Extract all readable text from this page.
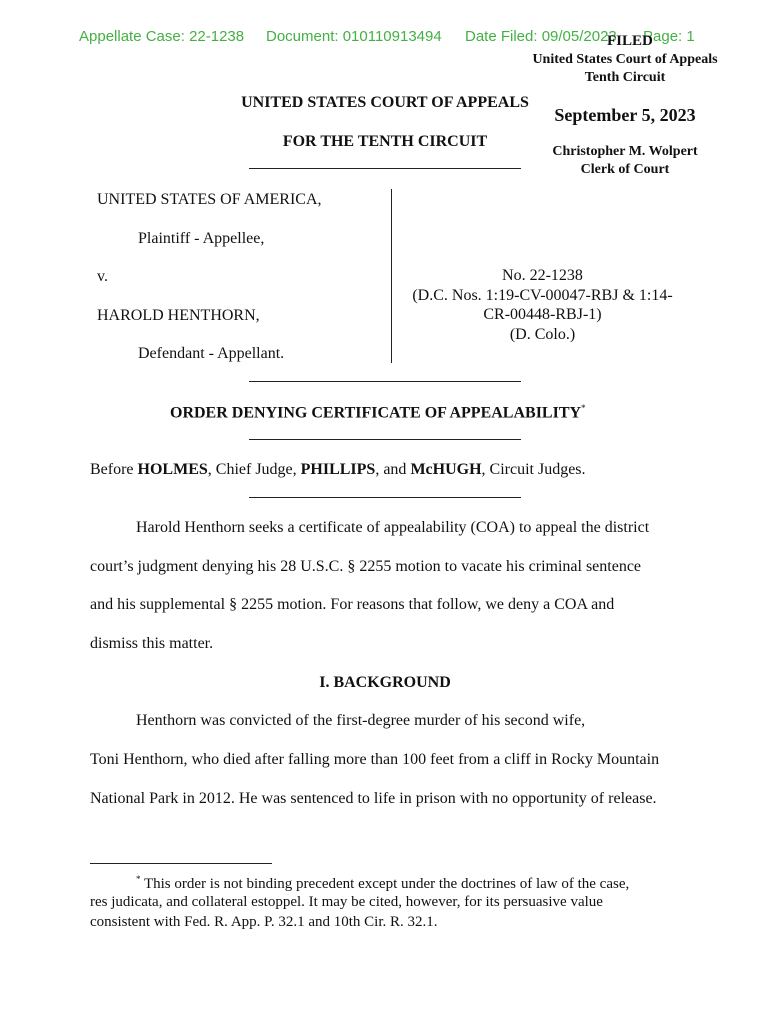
Appellate Case: 22-1238 Document: 010110913494 Date Filed: 09/05/2023 Page: 1
FILED
United States Court of Appeals
Tenth Circuit
September 5, 2023
Christopher M. Wolpert
Clerk of Court
UNITED STATES COURT OF APPEALS
FOR THE TENTH CIRCUIT
UNITED STATES OF AMERICA,
Plaintiff - Appellee,
v.
HAROLD HENTHORN,
Defendant - Appellant.
No. 22-1238
(D.C. Nos. 1:19-CV-00047-RBJ & 1:14-
CR-00448-RBJ-1)
(D. Colo.)
ORDER DENYING CERTIFICATE OF APPEALABILITY*
Before HOLMES, Chief Judge, PHILLIPS, and McHUGH, Circuit Judges.
Harold Henthorn seeks a certificate of appealability (COA) to appeal the district
court’s judgment denying his 28 U.S.C. § 2255 motion to vacate his criminal sentence
and his supplemental § 2255 motion. For reasons that follow, we deny a COA and
dismiss this matter.
I. BACKGROUND
Henthorn was convicted of the first-degree murder of his second wife,
Toni Henthorn, who died after falling more than 100 feet from a cliff in Rocky Mountain
National Park in 2012. He was sentenced to life in prison with no opportunity of release.
* This order is not binding precedent except under the doctrines of law of the case,
res judicata, and collateral estoppel. It may be cited, however, for its persuasive value
consistent with Fed. R. App. P. 32.1 and 10th Cir. R. 32.1.
